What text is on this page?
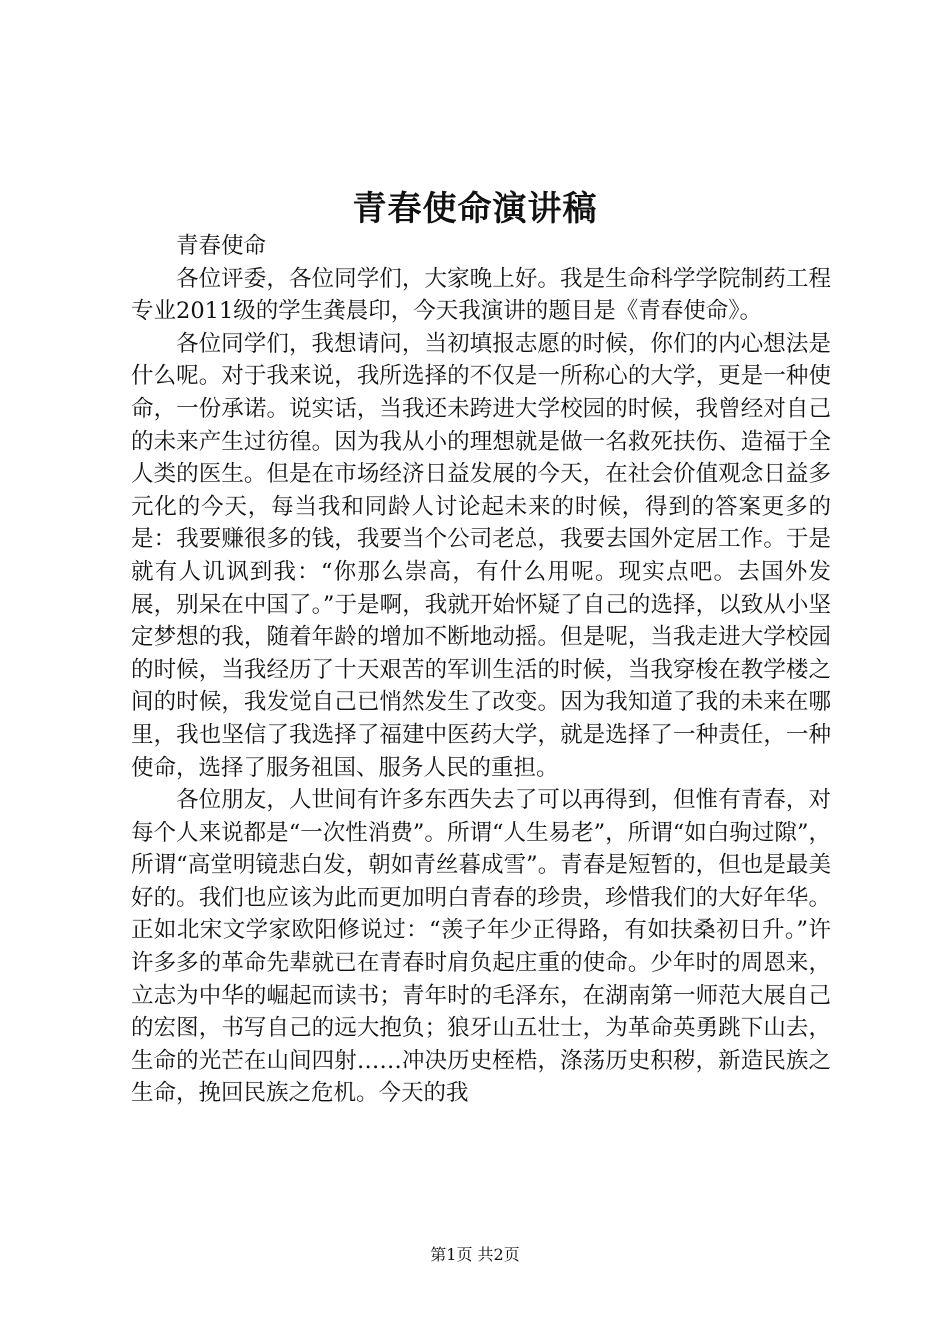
青春使命演讲稿

青春使命

各位评委，各位同学们，大家晚上好。我是生命科学学院制药工程专业2011级的学生龚晨印，今天我演讲的题目是《青春使命》。

各位同学们，我想请问，当初填报志愿的时候，你们的内心想法是什么呢。对于我来说，我所选择的不仅是一所称心的大学，更是一种使命，一份承诺。说实话，当我还未跨进大学校园的时候，我曾经对自己的未来产生过彷徨。因为我从小的理想就是做一名救死扶伤、造福于全人类的医生。但是在市场经济日益发展的今天，在社会价值观念日益多元化的今天，每当我和同龄人讨论起未来的时候，得到的答案更多的是：我要赚很多的钱，我要当个公司老总，我要去国外定居工作。于是就有人讥讽到我：“你那么崇高，有什么用呢。现实点吧。去国外发展，别呆在中国了。”于是啊，我就开始怀疑了自己的选择，以致从小坚定梦想的我，随着年龄的增加不断地动摇。但是呢，当我走进大学校园的时候，当我经历了十天艰苦的军训生活的时候，当我穿梭在教学楼之间的时候，我发觉自己已悄然发生了改变。因为我知道了我的未来在哪里，我也坚信了我选择了福建中医药大学，就是选择了一种责任，一种使命，选择了服务祖国、服务人民的重担。

各位朋友，人世间有许多东西失去了可以再得到，但惟有青春，对每个人来说都是“一次性消费”。所谓“人生易老”，所谓“如白驹过隙”，所谓“高堂明镜悲白发，朝如青丝暮成雪”。青春是短暂的，但也是最美好的。我们也应该为此而更加明白青春的珍贵，珍惜我们的大好年华。正如北宋文学家欧阳修说过：“羡子年少正得路，有如扶桑初日升。”许许多多的革命先辈就已在青春时肩负起庄重的使命。少年时的周恩来，立志为中华的崛起而读书；青年时的毛泽东，在湖南第一师范大展自己的宏图，书写自己的远大抱负；狼牙山五壮士，为革命英勇跳下山去，生命的光芒在山间四射……冲决历史桎梏，涤荡历史积秽，新造民族之生命，挽回民族之危机。今天的我

第1页 共2页
